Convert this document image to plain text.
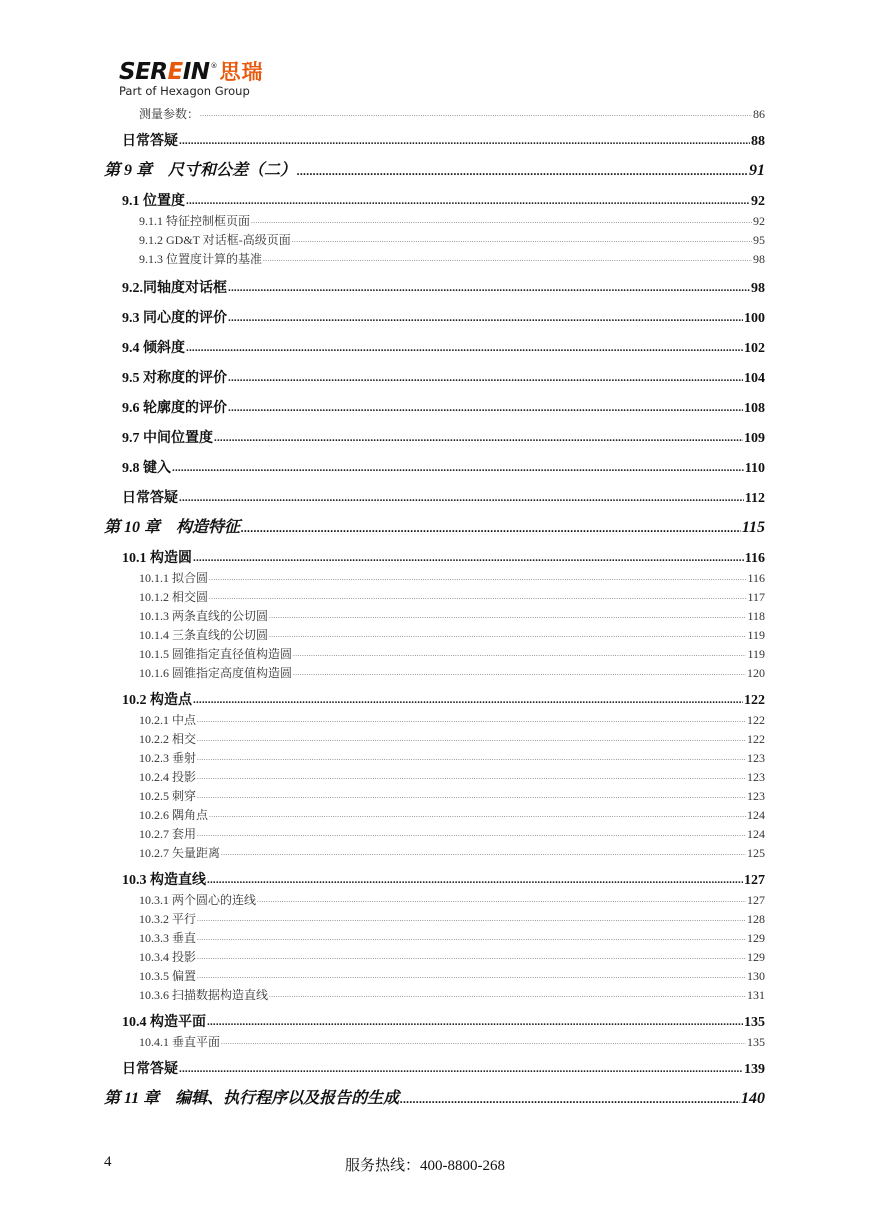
SEREIN ® 思瑞
Part of Hexagon Group
测量参数： .....	86
日常答疑 .....	88
第 9 章　尺寸和公差（二） .....	91
9.1 位置度 .....	92
9.1.1 特征控制框页面 .....	92
9.1.2 GD&T 对话框-高级页面 .....	95
9.1.3 位置度计算的基准 .....	98
9.2.同轴度对话框 .....	98
9.3 同心度的评价 .....	100
9.4 倾斜度 .....	102
9.5 对称度的评价 .....	104
9.6 轮廓度的评价 .....	108
9.7 中间位置度 .....	109
9.8 键入 .....	110
日常答疑 .....	112
第 10 章　构造特征 .....	115
10.1 构造圆 .....	116
10.1.1 拟合圆 .....	116
10.1.2 相交圆 .....	117
10.1.3 两条直线的公切圆 .....	118
10.1.4 三条直线的公切圆 .....	119
10.1.5 圆锥指定直径值构造圆 .....	119
10.1.6 圆锥指定高度值构造圆 .....	120
10.2 构造点 .....	122
10.2.1 中点 .....	122
10.2.2 相交 .....	122
10.2.3 垂射 .....	123
10.2.4 投影 .....	123
10.2.5 刺穿 .....	123
10.2.6 隅角点 .....	124
10.2.7 套用 .....	124
10.2.7 矢量距离 .....	125
10.3 构造直线 .....	127
10.3.1 两个圆心的连线 .....	127
10.3.2 平行 .....	128
10.3.3 垂直 .....	129
10.3.4 投影 .....	129
10.3.5 偏置 .....	130
10.3.6 扫描数据构造直线 .....	131
10.4 构造平面 .....	135
10.4.1 垂直平面 .....	135
日常答疑 .....	139
第 11 章　编辑、执行程序以及报告的生成 .....	140
4	服务热线：400-8800-268
